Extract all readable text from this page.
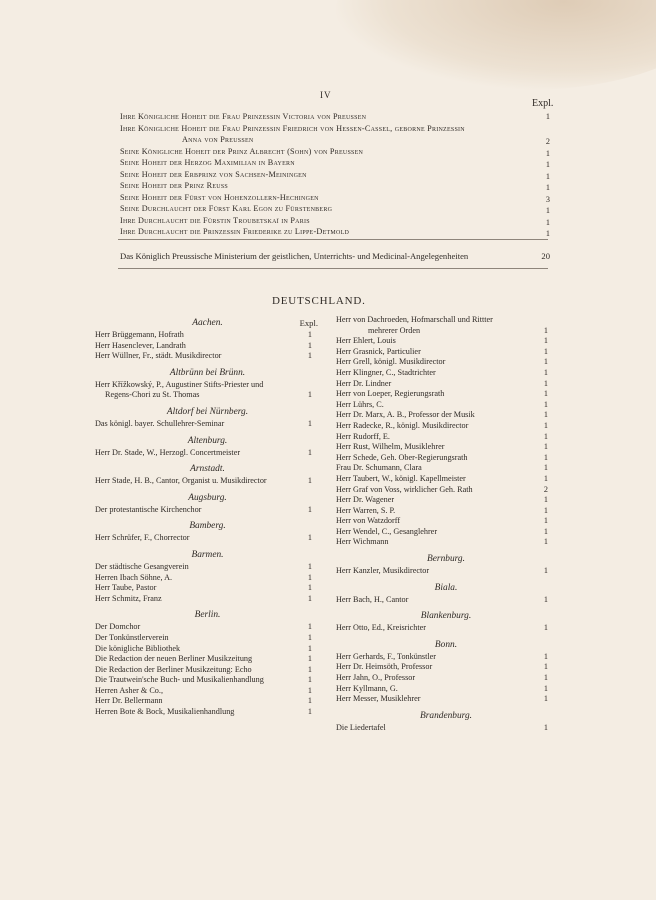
IV
Expl.
Ihre Königliche Hoheit die Frau Prinzessin Victoria von Preussen	1
Ihre Königliche Hoheit die Frau Prinzessin Friedrich von Hessen-Cassel, geborne Prinzessin
Anna von Preussen	2
Seine Königliche Hoheit der Prinz Albrecht (Sohn) von Preussen	1
Seine Hoheit der Herzog Maximilian in Bayern	1
Seine Hoheit der Erbprinz von Sachsen-Meiningen	1
Seine Hoheit der Prinz Reuss	1
Seine Hoheit der Fürst von Hohenzollern-Hechingen	3
Seine Durchlaucht der Fürst Karl Egon zu Fürstenberg	1
Ihre Durchlaucht die Fürstin Troubetskaï in Paris	1
Ihre Durchlaucht die Prinzessin Friederike zu Lippe-Detmold	1
Das Königlich Preussische Ministerium der geistlichen, Unterrichts- und Medicinal-Angelegenheiten	20
DEUTSCHLAND.
Aachen.	Expl.
Herr Brüggemann, Hofrath	1
Herr Hasenclever, Landrath	1
Herr Wüllner, Fr., städt. Musikdirector	1
Altbrünn bei Brünn.
Herr Křížkowský, P., Augustiner Stifts-Priester und
Regens-Chori zu St. Thomas	1
Altdorf bei Nürnberg.
Das königl. bayer. Schullehrer-Seminar	1
Altenburg.
Herr Dr. Stade, W., Herzogl. Concertmeister	1
Arnstadt.
Herr Stade, H. B., Cantor, Organist u. Musikdirector	1
Augsburg.
Der protestantische Kirchenchor	1
Bamberg.
Herr Schrüfer, F., Chorrector	1
Barmen.
Der städtische Gesangverein	1
Herren Ibach Söhne, A.	1
Herr Taube, Pastor	1
Herr Schmitz, Franz	1
Berlin.
Der Domchor	1
Der Tonkünstlerverein	1
Die königliche Bibliothek	1
Die Redaction der neuen Berliner Musikzeitung	1
Die Redaction der Berliner Musikzeitung: Echo	1
Die Trautwein'sche Buch- und Musikalienhandlung	1
Herren Asher & Co.,	1
Herr Dr. Bellermann	1
Herren Bote & Bock, Musikalienhandlung	1
Herr von Dachroeden, Hofmarschall und Rittter
mehrerer Orden	1
Herr Ehlert, Louis	1
Herr Grasnick, Particulier	1
Herr Grell, königl. Musikdirector	1
Herr Klingner, C., Stadtrichter	1
Herr Dr. Lindner	1
Herr von Loeper, Regierungsrath	1
Herr Lührs, C.	1
Herr Dr. Marx, A. B., Professor der Musik	1
Herr Radecke, R., königl. Musikdirector	1
Herr Rudorff, E.	1
Herr Rust, Wilhelm, Musiklehrer	1
Herr Schede, Geh. Ober-Regierungsrath	1
Frau Dr. Schumann, Clara	1
Herr Taubert, W., königl. Kapellmeister	1
Herr Graf von Voss, wirklicher Geh. Rath	2
Herr Dr. Wagener	1
Herr Warren, S. P.	1
Herr von Watzdorff	1
Herr Wendel, C., Gesanglehrer	1
Herr Wichmann	1
Bernburg.
Herr Kanzler, Musikdirector	1
Biala.
Herr Bach, H., Cantor	1
Blankenburg.
Herr Otto, Ed., Kreisrichter	1
Bonn.
Herr Gerhards, F., Tonkünstler	1
Herr Dr. Heimsöth, Professor	1
Herr Jahn, O., Professor	1
Herr Kyllmann, G.	1
Herr Messer, Musiklehrer	1
Brandenburg.
Die Liedertafel	1
